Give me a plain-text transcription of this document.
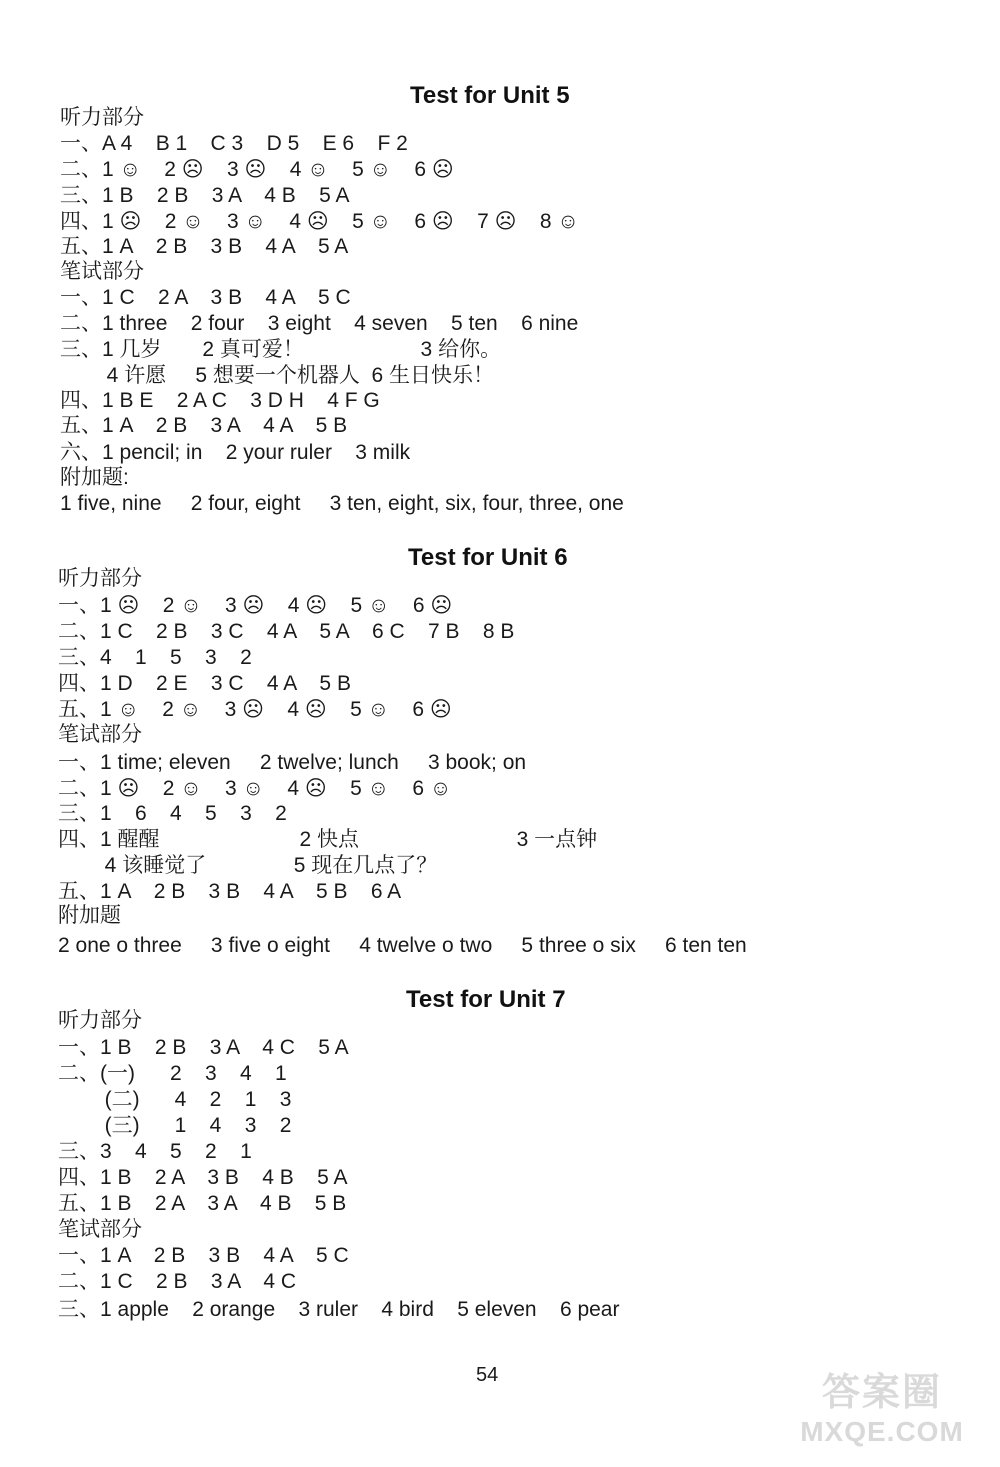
Test for Unit 5
听力部分
一、A 4    B 1    C 3    D 5    E 6    F 2
二、1 ☺    2 ☹    3 ☹    4 ☺    5 ☺    6 ☹
三、1 B    2 B    3 A    4 B    5 A
四、1 ☹    2 ☺    3 ☺    4 ☹    5 ☺    6 ☹    7 ☹    8 ☺
五、1 A    2 B    3 B    4 A    5 A
笔试部分
一、1 C    2 A    3 B    4 A    5 C
二、1 three    2 four    3 eight    4 seven    5 ten    6 nine
三、1 几岁       2 真可爱！                    3 给你。
4 许愿     5 想要一个机器人  6 生日快乐！
四、1 B E    2 A C    3 D H    4 F G
五、1 A    2 B    3 A    4 A    5 B
六、1 pencil; in    2 your ruler    3 milk
附加题:
1 five, nine     2 four, eight     3 ten, eight, six, four, three, one
Test for Unit 6
听力部分
一、1 ☹    2 ☺    3 ☹    4 ☹    5 ☺    6 ☹
二、1 C    2 B    3 C    4 A    5 A    6 C    7 B    8 B
三、4    1    5    3    2
四、1 D    2 E    3 C    4 A    5 B
五、1 ☺    2 ☺    3 ☹    4 ☹    5 ☺    6 ☹
笔试部分
一、1 time; eleven     2 twelve; lunch     3 book; on
二、1 ☹    2 ☺    3 ☺    4 ☹    5 ☺    6 ☺
三、1    6    4    5    3    2
四、1 醒醒                        2 快点                           3 一点钟
4 该睡觉了               5 现在几点了？
五、1 A    2 B    3 B    4 A    5 B    6 A
附加题
2 one o three     3 five o eight     4 twelve o two     5 three o six     6 ten ten
Test for Unit 7
听力部分
一、1 B    2 B    3 A    4 C    5 A
二、(一)      2    3    4    1
(二)      4    2    1    3
(三)      1    4    3    2
三、3    4    5    2    1
四、1 B    2 A    3 B    4 B    5 A
五、1 B    2 A    3 A    4 B    5 B
笔试部分
一、1 A    2 B    3 B    4 A    5 C
二、1 C    2 B    3 A    4 C
三、1 apple    2 orange    3 ruler    4 bird    5 eleven    6 pear
54	答案圈
MXQE.COM
